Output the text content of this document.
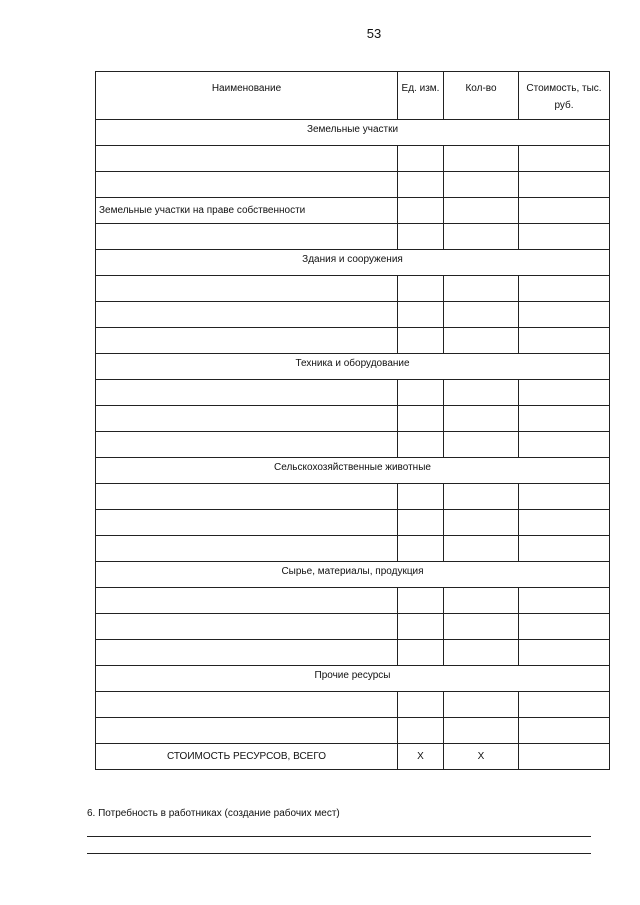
53
Наименование	Ед. изм.	Кол-во	Стоимость, тыс. руб.
Земельные участки			

Земельные участки на праве собственности			

Здания и сооружения			

Техника и оборудование			

Сельскохозяйственные животные			

Сырье, материалы, продукция			

Прочие ресурсы			

СТОИМОСТЬ РЕСУРСОВ, ВСЕГО	X	X	
6. Потребность в работниках (создание рабочих мест)
